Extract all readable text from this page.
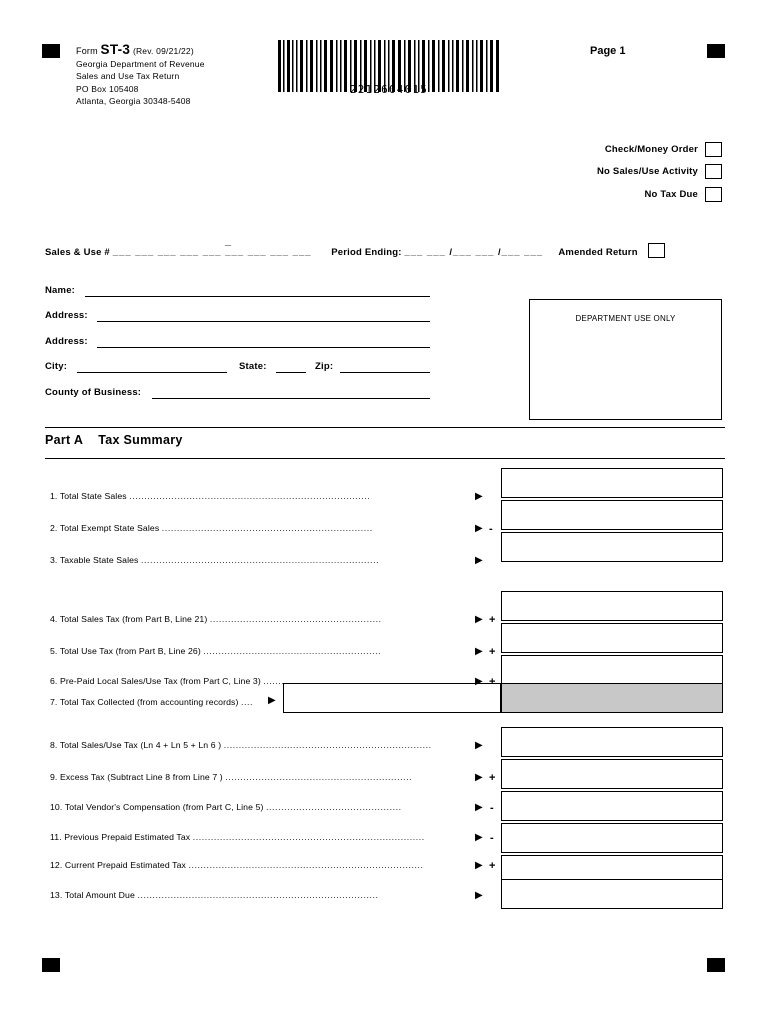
Form ST-3 (Rev. 09/21/22)
Georgia Department of Revenue
Sales and Use Tax Return
PO Box 105408
Atlanta, Georgia 30348-5408
2212604015
Page 1
Check/Money Order
No Sales/Use Activity
No Tax Due
Sales & Use # ___ ___ ___ ___ ___ ___ ___ ___ ___ Period Ending: ___ ___ /___ ___ /___ ___ Amended Return
_
Name:
Address:
Address:
City:	State:	Zip:
County of Business:
DEPARTMENT USE ONLY
Part A Tax Summary
1. Total State Sales ................................................................................	▶
2. Total Exempt State Sales ......................................................................	▶ -
3. Taxable State Sales ...............................................................................	▶
4. Total Sales Tax (from Part B, Line 21) .........................................................	▶ +
5. Total Use Tax (from Part B, Line 26) ...........................................................	▶ +
6. Pre-Paid Local Sales/Use Tax (from Part C, Line 3) .......................	▶ +
7. Total Tax Collected (from accounting records) ....	▶
8. Total Sales/Use Tax (Ln 4 + Ln 5 + Ln 6 ) .....................................................................	▶
9. Excess Tax (Subtract Line 8 from Line 7 ) ..............................................................	▶ +
10. Total Vendor's Compensation (from Part C, Line 5) .............................................	▶ -
11. Previous Prepaid Estimated Tax .............................................................................	▶ -
12. Current Prepaid Estimated Tax ..............................................................................	▶ +
13. Total Amount Due ................................................................................	▶
